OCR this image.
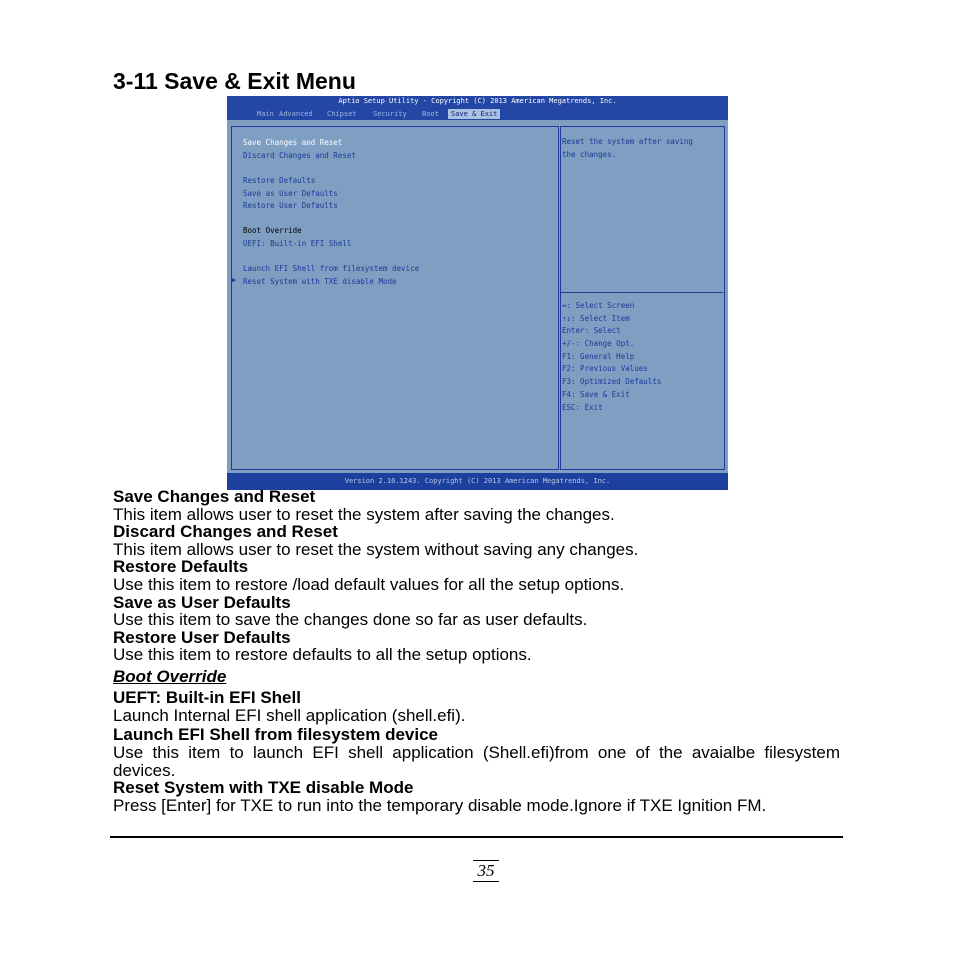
3-11 Save & Exit Menu
Aptio Setup Utility - Copyright (C) 2013 American Megatrends, Inc.
Main Advanced Chipset Security Boot	Save & Exit
Save Changes and Reset
Discard Changes and Reset
Restore Defaults
Save as User Defaults
Restore User Defaults
Boot Override
UEFI: Built-in EFI Shell
Launch EFI Shell from filesystem device
▶ Reset System with TXE disable Mode
Reset the system after saving
the changes.
↔: Select Screen
↑↓: Select Item
Enter: Select
+/-: Change Opt.
F1: General Help
F2: Previous Values
F3: Optimized Defaults
F4: Save & Exit
ESC: Exit
Version 2.16.1243. Copyright (C) 2013 American Megatrends, Inc.
Save Changes and Reset
This item allows user to reset the system after saving the changes.
Discard Changes and Reset
This item allows user to reset the system without saving any changes.
Restore Defaults
Use this item to restore /load default values for all the setup options.
Save as User Defaults
Use this item to save the changes done so far as user defaults.
Restore User Defaults
Use this item to restore defaults to all the setup options.
Boot Override
UEFT: Built-in EFI Shell
Launch Internal EFI shell application (shell.efi).
Launch EFI Shell from filesystem device
Use this item to launch EFI shell application (Shell.efi)from one of the avaialbe filesystem devices.
Reset System with TXE disable Mode
Press [Enter] for TXE to run into the temporary disable mode.Ignore if TXE Ignition FM.
35
